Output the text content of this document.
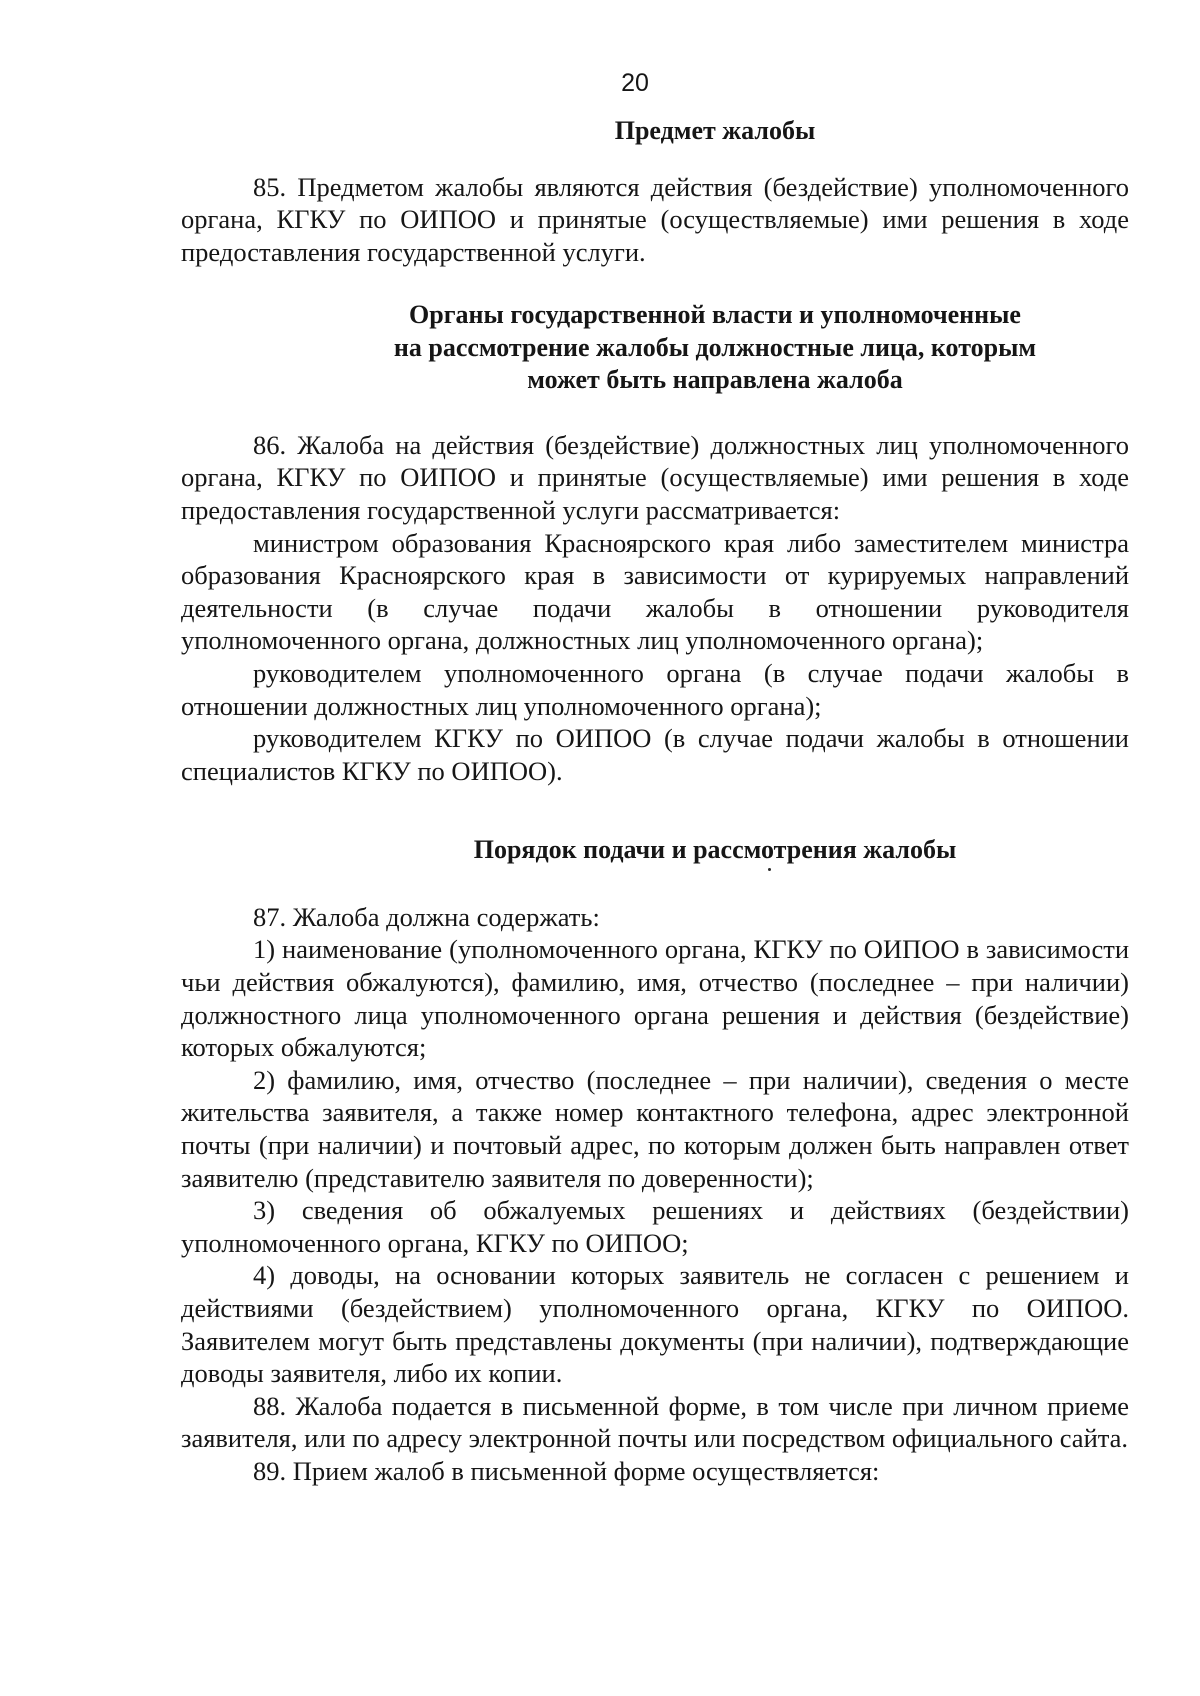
20
Предмет жалобы

85. Предметом жалобы являются действия (бездействие) уполномоченного органа, КГКУ по ОИПОО и принятые (осуществляемые) ими решения в ходе предоставления государственной услуги.

Органы государственной власти и уполномоченные
на рассмотрение жалобы должностные лица, которым
может быть направлена жалоба

86. Жалоба на действия (бездействие) должностных лиц уполномоченного органа, КГКУ по ОИПОО и принятые (осуществляемые) ими решения в ходе предоставления государственной услуги рассматривается:

министром образования Красноярского края либо заместителем министра образования Красноярского края в зависимости от курируемых направлений деятельности (в случае подачи жалобы в отношении руководителя уполномоченного органа, должностных лиц уполномоченного органа);

руководителем уполномоченного органа (в случае подачи жалобы в отношении должностных лиц уполномоченного органа);

руководителем КГКУ по ОИПОО (в случае подачи жалобы в отношении специалистов КГКУ по ОИПОО).

Порядок подачи и рассмотрения жалобы

87. Жалоба должна содержать:

1) наименование (уполномоченного органа, КГКУ по ОИПОО в зависимости чьи действия обжалуются), фамилию, имя, отчество (последнее – при наличии) должностного лица уполномоченного органа решения и действия (бездействие) которых обжалуются;

2) фамилию, имя, отчество (последнее – при наличии), сведения о месте жительства заявителя, а также номер контактного телефона, адрес электронной почты (при наличии) и почтовый адрес, по которым должен быть направлен ответ заявителю (представителю заявителя по доверенности);

3) сведения об обжалуемых решениях и действиях (бездействии) уполномоченного органа, КГКУ по ОИПОО;

4) доводы, на основании которых заявитель не согласен с решением и действиями (бездействием) уполномоченного органа, КГКУ по ОИПОО. Заявителем могут быть представлены документы (при наличии), подтверждающие доводы заявителя, либо их копии.

88. Жалоба подается в письменной форме, в том числе при личном приеме заявителя, или по адресу электронной почты или посредством официального сайта.

89. Прием жалоб в письменной форме осуществляется:
